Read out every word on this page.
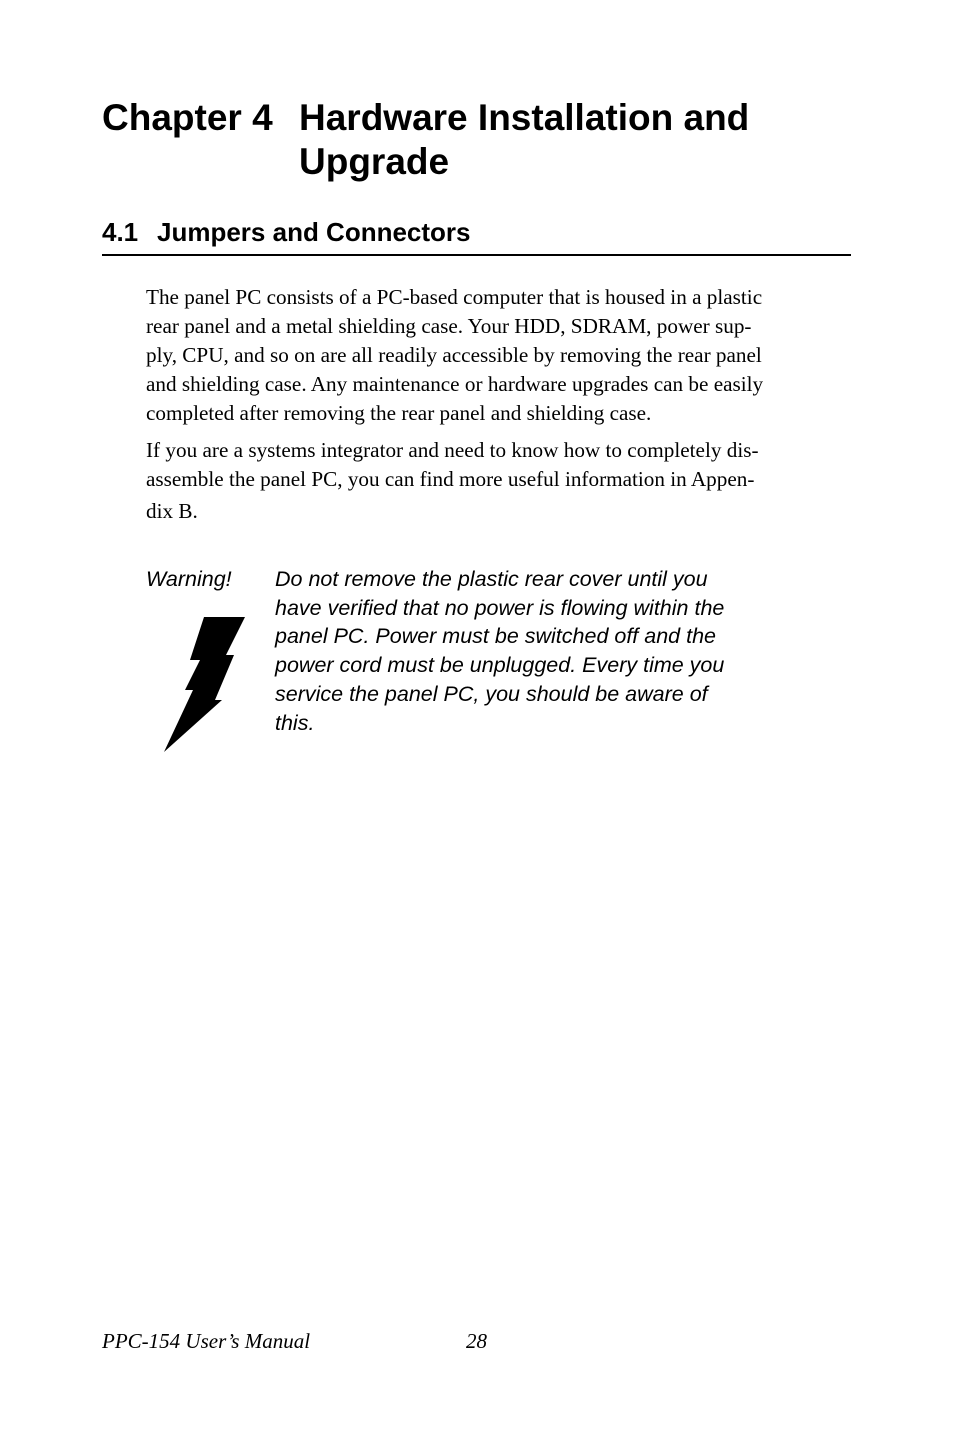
Chapter 4 Hardware Installation and Upgrade
4.1 Jumpers and Connectors

The panel PC consists of a PC-based computer that is housed in a plastic
rear panel and a metal shielding case. Your HDD, SDRAM, power sup-
ply, CPU, and so on are all readily accessible by removing the rear panel
and shielding case. Any maintenance or hardware upgrades can be easily
completed after removing the rear panel and shielding case.

If you are a systems integrator and need to know how to completely dis-
assemble the panel PC, you can find more useful information in Appen-
dix B.

Warning! Do not remove the plastic rear cover until you
have verified that no power is flowing within the
panel PC. Power must be switched off and the
power cord must be unplugged. Every time you
service the panel PC, you should be aware of
this.

PPC-154 User’s Manual	28
